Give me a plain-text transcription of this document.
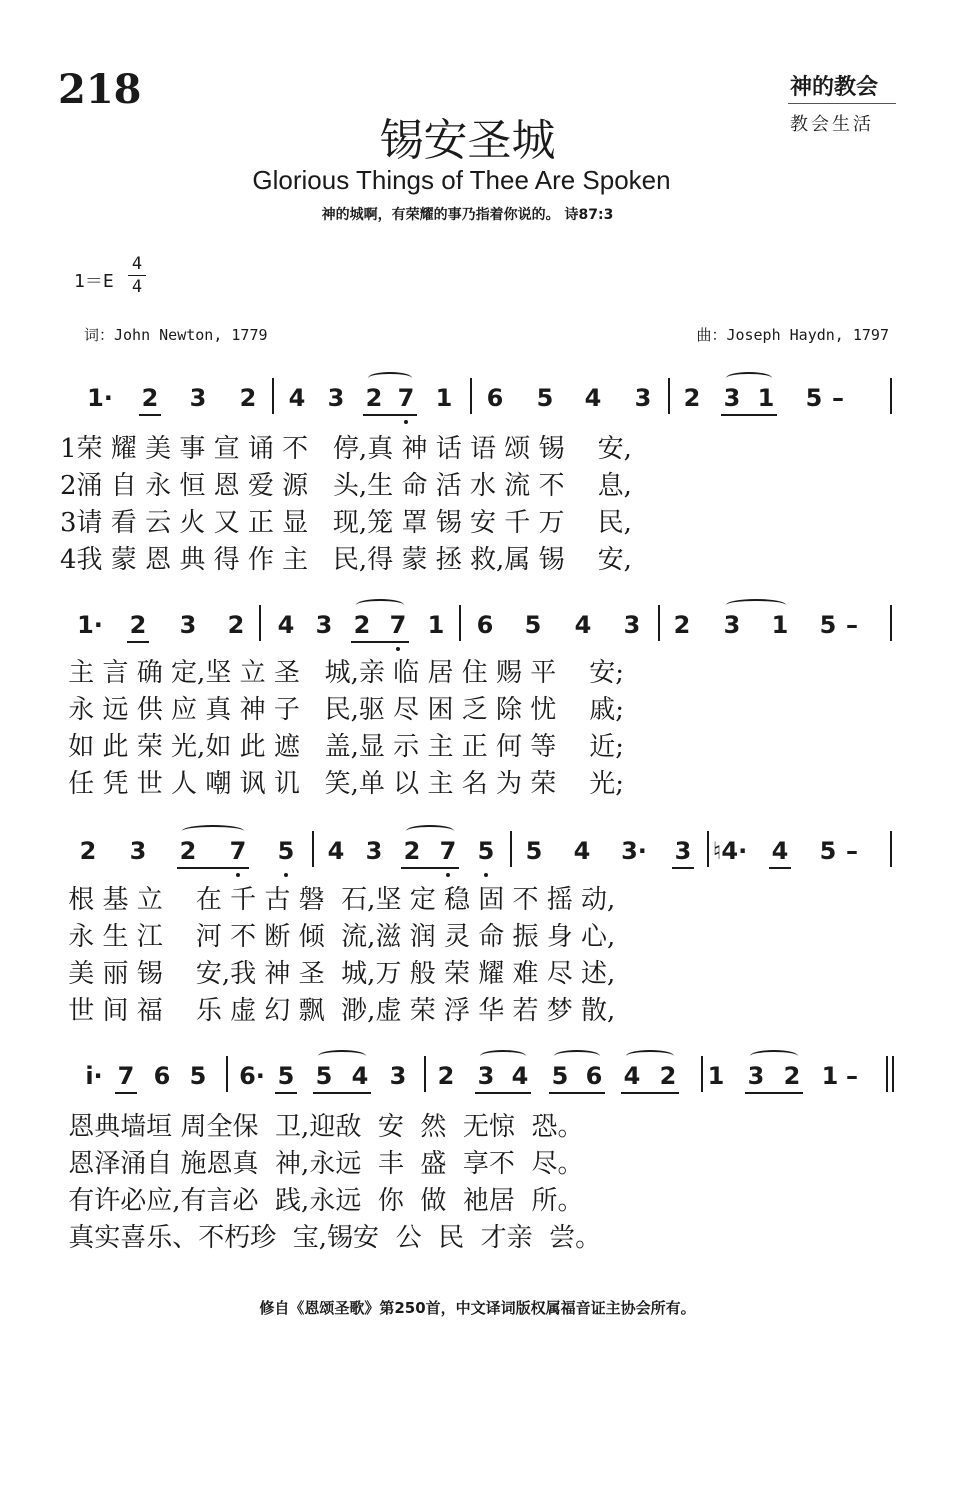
218	神的教会
教会生活
锡安圣城
Glorious Things of Thee Are Spoken
神的城啊，有荣耀的事乃指着你说的。 诗87:3
1＝E
4
4
词：John Newton, 1779	曲：Joseph Haydn, 1797
1· 2 3 2 4 3 2 7 1 6 5 4 3 2 3 1 5 –
1荣 耀 美 事 宣 诵 不   停,真 神 话 语 颂 锡    安,
2涌 自 永 恒 恩 爱 源   头,生 命 活 水 流 不    息,
3请 看 云 火 又 正 显   现,笼 罩 锡 安 千 万    民,
4我 蒙 恩 典 得 作 主   民,得 蒙 拯 救,属 锡    安,
1· 2 3 2 4 3 2 7 1 6 5 4 3 2 3 1 5 –
主 言 确 定,坚 立 圣   城,亲 临 居 住 赐 平    安;
永 远 供 应 真 神 子   民,驱 尽 困 乏 除 忧    戚;
如 此 荣 光,如 此 遮   盖,显 示 主 正 何 等    近;
任 凭 世 人 嘲 讽 讥   笑,单 以 主 名 为 荣    光;
2 3 2 7 5 4 3 2 7 5 5 4 3· 3 ♮4· 4 5 –
根 基 立    在 千 古 磐  石,坚 定 稳 固 不 摇 动,
永 生 江    河 不 断 倾  流,滋 润 灵 命 振 身 心,
美 丽 锡    安,我 神 圣  城,万 般 荣 耀 难 尽 述,
世 间 福    乐 虚 幻 飘  渺,虚 荣 浮 华 若 梦 散,
i· 7 6 5 6· 5 5 4 3 2 3 4 5 6 4 2 1 3 2 1 –
恩典墙垣 周全保  卫,迎敌  安  然  无惊  恐。
恩泽涌自 施恩真  神,永远  丰  盛  享不  尽。
有许必应,有言必  践,永远  你  做  祂居  所。
真实喜乐、不朽珍  宝,锡安  公  民  才亲  尝。
修自《恩颂圣歌》第250首，中文译词版权属福音证主协会所有。
